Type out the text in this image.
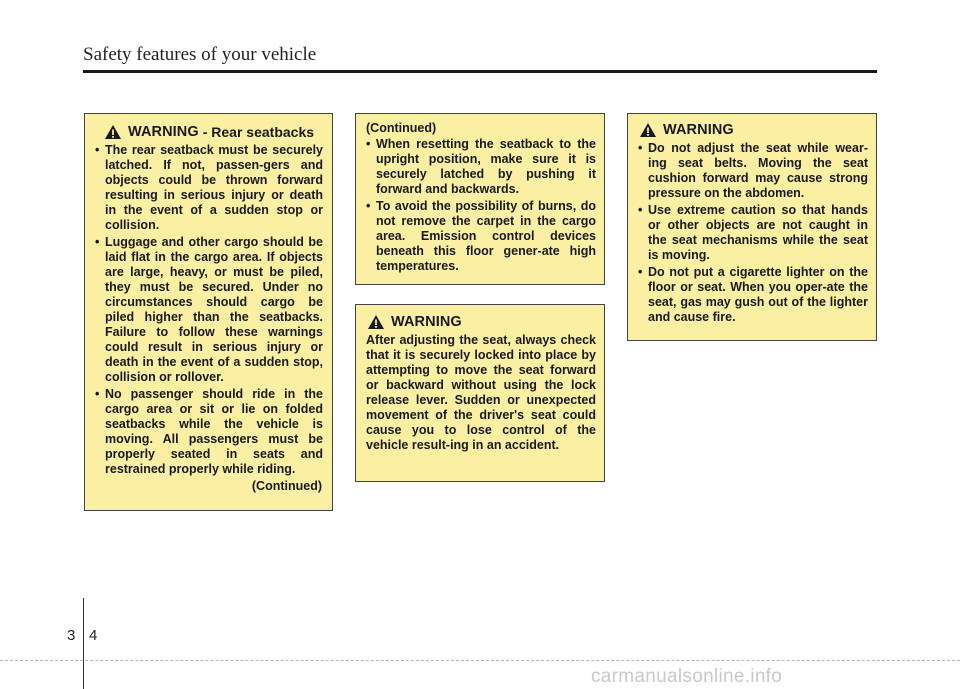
Safety features of your vehicle
WARNING - Rear seatbacks
• The rear seatback must be securely latched. If not, passen-gers and objects could be thrown forward resulting in serious injury or death in the event of a sudden stop or collision.
• Luggage and other cargo should be laid flat in the cargo area. If objects are large, heavy, or must be piled, they must be secured. Under no circumstances should cargo be piled higher than the seatbacks. Failure to follow these warnings could result in serious injury or death in the event of a sudden stop, collision or rollover.
• No passenger should ride in the cargo area or sit or lie on folded seatbacks while the vehicle is moving. All passengers must be properly seated in seats and restrained properly while riding.
(Continued)
(Continued)
• When resetting the seatback to the upright position, make sure it is securely latched by pushing it forward and backwards.
• To avoid the possibility of burns, do not remove the carpet in the cargo area. Emission control devices beneath this floor gener-ate high temperatures.
WARNING
After adjusting the seat, always check that it is securely locked into place by attempting to move the seat forward or backward without using the lock release lever. Sudden or unexpected movement of the driver's seat could cause you to lose control of the vehicle result-ing in an accident.
WARNING
• Do not adjust the seat while wear-ing seat belts. Moving the seat cushion forward may cause strong pressure on the abdomen.
• Use extreme caution so that hands or other objects are not caught in the seat mechanisms while the seat is moving.
• Do not put a cigarette lighter on the floor or seat. When you oper-ate the seat, gas may gush out of the lighter and cause fire.
3 4
carmanualsonline.info
